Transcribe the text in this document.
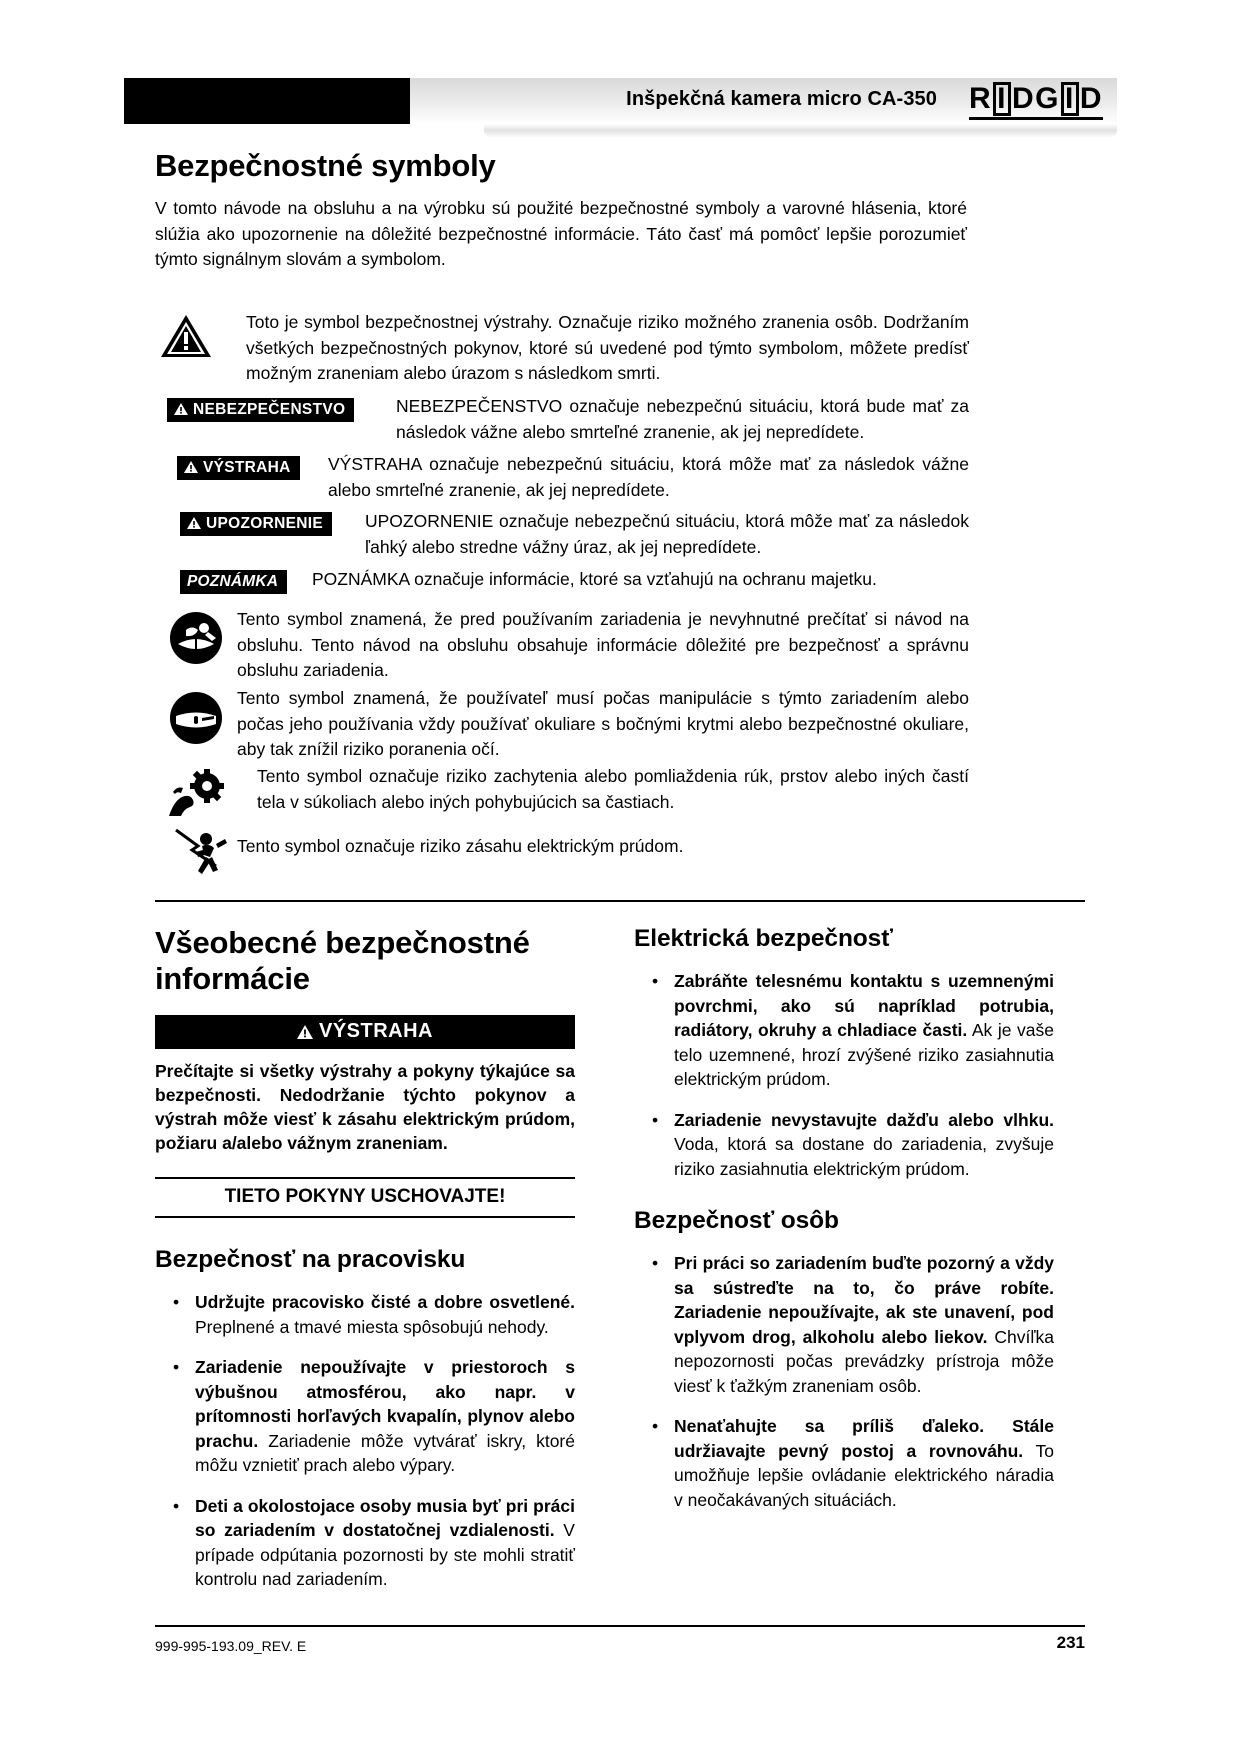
Inšpekčná kamera micro CA-350 R I DG I D
Bezpečnostné symboly
V tomto návode na obsluhu a na výrobku sú použité bezpečnostné symboly a varovné hlásenia, ktoré slúžia ako upozornenie na dôležité bezpečnostné informácie. Táto časť má pomôcť lepšie porozumieť týmto signálnym slovám a symbolom.
Toto je symbol bezpečnostnej výstrahy. Označuje riziko možného zranenia osôb. Dodržaním všetkých bezpečnostných pokynov, ktoré sú uvedené pod týmto symbolom, môžete predísť možným zraneniam alebo úrazom s následkom smrti.
NEBEZPEČENSTVO	NEBEZPEČENSTVO označuje nebezpečnú situáciu, ktorá bude mať za následok vážne alebo smrteľné zranenie, ak jej nepredídete.
VÝSTRAHA	VÝSTRAHA označuje nebezpečnú situáciu, ktorá môže mať za následok vážne alebo smrteľné zranenie, ak jej nepredídete.
UPOZORNENIE	UPOZORNENIE označuje nebezpečnú situáciu, ktorá môže mať za následok ľahký alebo stredne vážny úraz, ak jej nepredídete.
POZNÁMKA	POZNÁMKA označuje informácie, ktoré sa vzťahujú na ochranu majetku.
Tento symbol znamená, že pred používaním zariadenia je nevyhnutné prečítať si návod na obsluhu. Tento návod na obsluhu obsahuje informácie dôležité pre bezpečnosť a správnu obsluhu zariadenia.
Tento symbol znamená, že používateľ musí počas manipulácie s týmto zariadením alebo počas jeho používania vždy používať okuliare s bočnými krytmi alebo bezpečnostné okuliare, aby tak znížil riziko poranenia očí.
Tento symbol označuje riziko zachytenia alebo pomliaždenia rúk, prstov alebo iných častí tela v súkoliach alebo iných pohybujúcich sa častiach.
Tento symbol označuje riziko zásahu elektrickým prúdom.
Všeobecné bezpečnostné informácie
VÝSTRAHA
Prečítajte si všetky výstrahy a pokyny týkajúce sa bezpečnosti. Nedodržanie týchto pokynov a výstrah môže viesť k zásahu elektrickým prúdom, požiaru a/alebo vážnym zraneniam.
TIETO POKYNY USCHOVAJTE!
Bezpečnosť na pracovisku
• Udržujte pracovisko čisté a dobre osvetlené. Preplnené a tmavé miesta spôsobujú nehody.
• Zariadenie nepoužívajte v priestoroch s výbušnou atmosférou, ako napr. v prítomnosti horľavých kvapalín, plynov alebo prachu. Zariadenie môže vytvárať iskry, ktoré môžu vznietiť prach alebo výpary.
• Deti a okolostojace osoby musia byť pri práci so zariadením v dostatočnej vzdialenosti. V prípade odpútania pozornosti by ste mohli stratiť kontrolu nad zariadením.
Elektrická bezpečnosť
• Zabráňte telesnému kontaktu s uzemnenými povrchmi, ako sú napríklad potrubia, radiátory, okruhy a chladiace časti. Ak je vaše telo uzemnené, hrozí zvýšené riziko zasiahnutia elektrickým prúdom.
• Zariadenie nevystavujte dažďu alebo vlhku. Voda, ktorá sa dostane do zariadenia, zvyšuje riziko zasiahnutia elektrickým prúdom.
Bezpečnosť osôb
• Pri práci so zariadením buďte pozorný a vždy sa sústreďte na to, čo práve robíte. Zariadenie nepoužívajte, ak ste unavení, pod vplyvom drog, alkoholu alebo liekov. Chvíľka nepozornosti počas prevádzky prístroja môže viesť k ťažkým zraneniam osôb.
• Nenaťahujte sa príliš ďaleko. Stále udržiavajte pevný postoj a rovnováhu. To umožňuje lepšie ovládanie elektrického náradia v neočakávaných situáciách.
999-995-193.09_REV. E	231
